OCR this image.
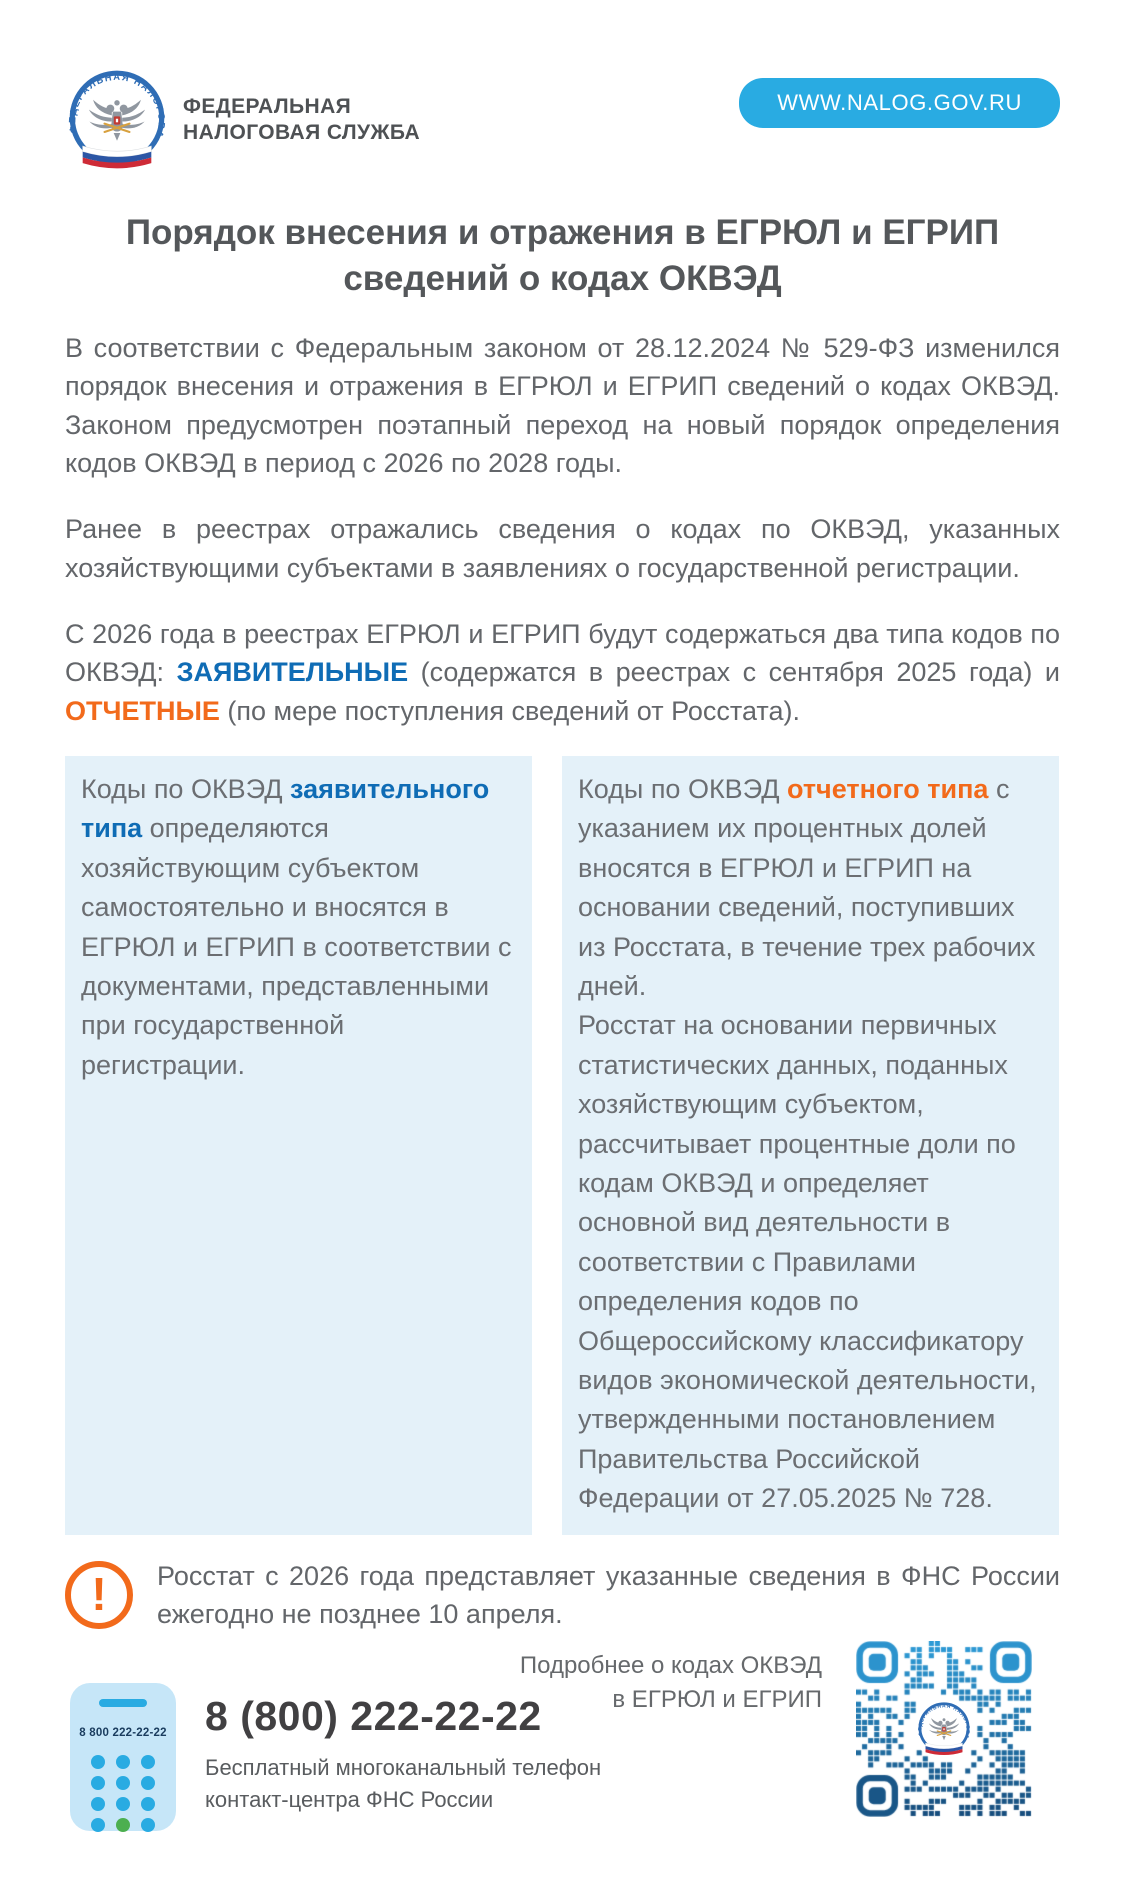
ФЕДЕРАЛЬНАЯ
НАЛОГОВАЯ СЛУЖБА
WWW.NALOG.GOV.RU
Порядок внесения и отражения в ЕГРЮЛ и ЕГРИП сведений о кодах ОКВЭД

В соответствии с Федеральным законом от 28.12.2024 № 529-ФЗ изменился порядок внесения и отражения в ЕГРЮЛ и ЕГРИП сведений о кодах ОКВЭД. Законом предусмотрен поэтапный переход на новый порядок определения кодов ОКВЭД в период с 2026 по 2028 годы.

Ранее в реестрах отражались сведения о кодах по ОКВЭД, указанных хозяйствующими субъектами в заявлениях о государственной регистрации.

С 2026 года в реестрах ЕГРЮЛ и ЕГРИП будут содержаться два типа кодов по ОКВЭД: ЗАЯВИТЕЛЬНЫЕ (содержатся в реестрах с сентября 2025 года) и ОТЧЕТНЫЕ (по мере поступления сведений от Росстата).

Коды по ОКВЭД заявительного типа определяются хозяйствующим субъектом самостоятельно и вносятся в ЕГРЮЛ и ЕГРИП в соответствии с документами, представленными при государственной регистрации.

Коды по ОКВЭД отчетного типа с указанием их процентных долей вносятся в ЕГРЮЛ и ЕГРИП на основании сведений, поступивших из Росстата, в течение трех рабочих дней.

Росстат на основании первичных статистических данных, поданных хозяйствующим субъектом, рассчитывает процентные доли по кодам ОКВЭД и определяет основной вид деятельности в соответствии с Правилами определения кодов по Общероссийскому классификатору видов экономической деятельности, утвержденными постановлением Правительства Российской Федерации от 27.05.2025 № 728.

! Росстат с 2026 года представляет указанные сведения в ФНС России ежегодно не позднее 10 апреля.

Подробнее о кодах ОКВЭД
в ЕГРЮЛ и ЕГРИП
8 800 222-22-22 8 (800) 222-22-22
Бесплатный многоканальный телефон
контакт-центра ФНС России
